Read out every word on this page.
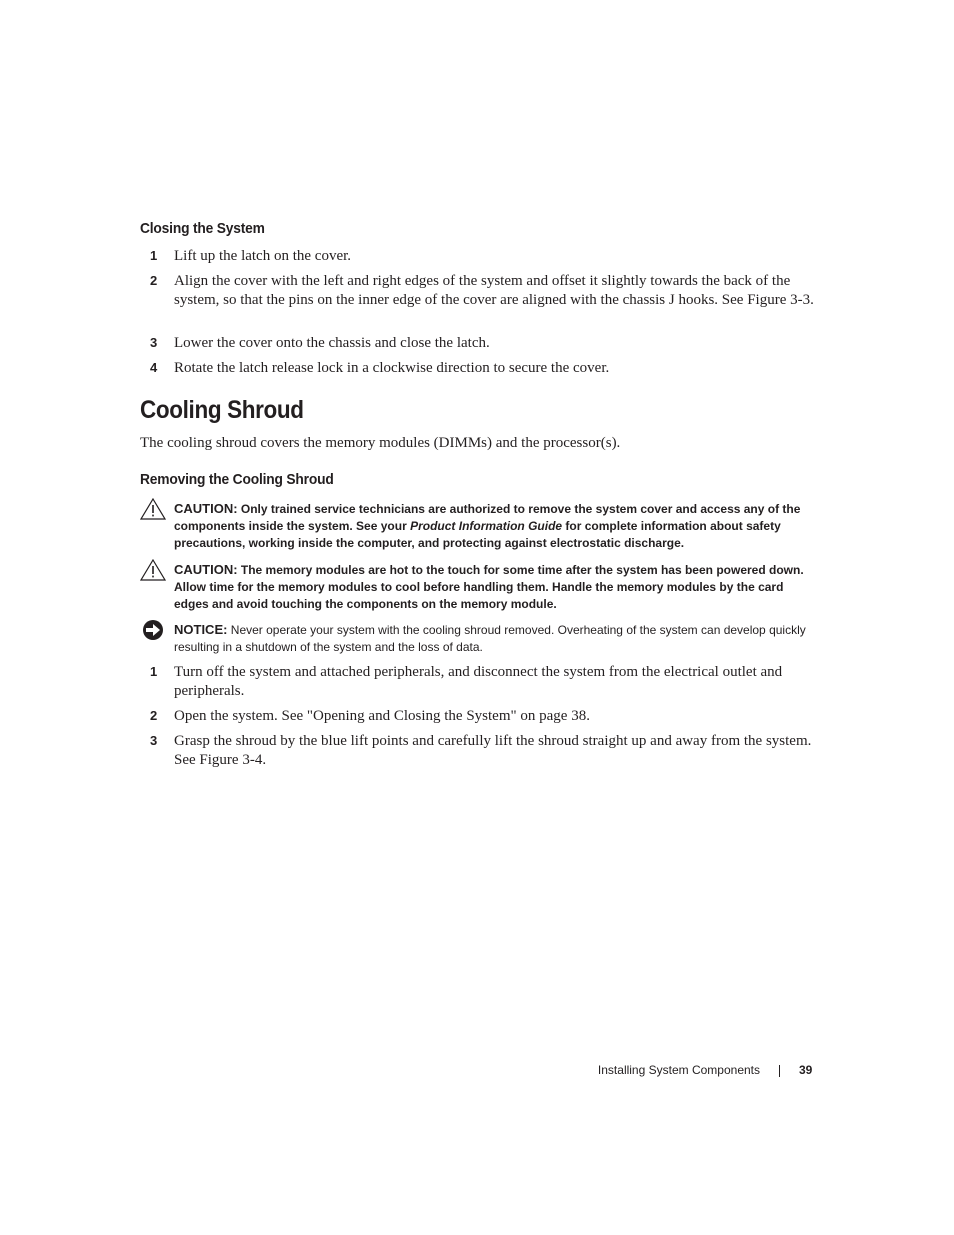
Closing the System
1 Lift up the latch on the cover.
2 Align the cover with the left and right edges of the system and offset it slightly towards the back of the system, so that the pins on the inner edge of the cover are aligned with the chassis J hooks. See Figure 3-3.
3 Lower the cover onto the chassis and close the latch.
4 Rotate the latch release lock in a clockwise direction to secure the cover.
Cooling Shroud
The cooling shroud covers the memory modules (DIMMs) and the processor(s).
Removing the Cooling Shroud
CAUTION: Only trained service technicians are authorized to remove the system cover and access any of the components inside the system. See your Product Information Guide for complete information about safety precautions, working inside the computer, and protecting against electrostatic discharge.
CAUTION: The memory modules are hot to the touch for some time after the system has been powered down. Allow time for the memory modules to cool before handling them. Handle the memory modules by the card edges and avoid touching the components on the memory module.
NOTICE: Never operate your system with the cooling shroud removed. Overheating of the system can develop quickly resulting in a shutdown of the system and the loss of data.
1 Turn off the system and attached peripherals, and disconnect the system from the electrical outlet and peripherals.
2 Open the system. See "Opening and Closing the System" on page 38.
3 Grasp the shroud by the blue lift points and carefully lift the shroud straight up and away from the system. See Figure 3-4.
Installing System Components	39
